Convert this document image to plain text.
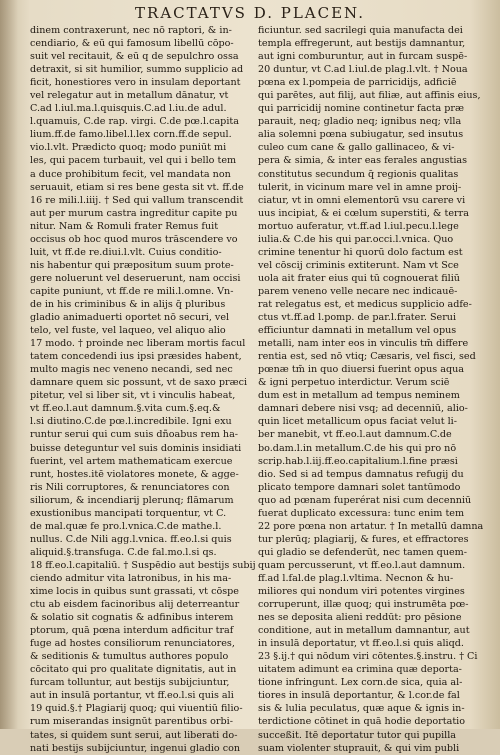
TRACTATVS D. PLACEN.
dinem contraxerunt, nec nō raptori, & in-
cendiario, & eū qui famosum libellū cōpo-
suit vel recitauit, & eū q de sepulchro ossa
detraxit, si sit humilior, summo supplicio ad
ficit, honestiores vero in insulam deportant
vel relegatur aut in metallum dānatur, vt
C.ad l.iul.ma.l.quisquis.C.ad l.iu.de adul.
l.quamuis, C.de rap. virgi. C.de pœ.l.capita
lium.ff.de famo.libel.l.lex corn.ff.de sepul.
vio.l.vlt. Prædicto quoq; modo puniūt mi
les, qui pacem turbauit, vel qui i bello tem
a duce prohibitum fecit, vel mandata non
seruauit, etiam si res bene gesta sit vt. ff.de
16 re mili.l.iiij. † Sed qui vallum transcendit
aut per murum castra ingreditur capite pu
nitur. Nam & Romuli frater Remus fuit
occisus ob hoc quod muros trāscendere vo
luit, vt ff.de re.diui.l.vlt. Cuius conditio-
nis habentur qui præpositum suum prote-
gere noluerunt vel deseruerunt, nam occisi
capite puniunt, vt ff.de re mili.l.omne. Vn-
de in his criminibus & in alijs q̄ pluribus
gladio animaduerti oportet nō securi, vel
telo, vel fuste, vel laqueo, vel aliquo alio
17 modo. † proinde nec liberam mortis facul
tatem concedendi ius ipsi præsides habent,
multo magis nec veneno necandi, sed nec
damnare quem sic possunt, vt de saxo præci
pitetur, vel si liber sit, vt i vinculis habeat,
vt ff.eo.l.aut damnum.§.vita cum.§.eq.&
l.si diutino.C.de pœ.l.incredibile. Igni exu
runtur serui qui cum suis dñoabus rem ha-
buisse deteguntur vel suis dominis insidiati
fuerint, vel artem mathematicam exercue
runt, hostes.itē violatores monete, & agge-
ris Nili corruptores, & renunciatores con
siliorum, & incendiarij plerunq; flāmarum
exustionibus mancipati torquentur, vt C.
de mal.quæ fe pro.l.vnica.C.de mathe.l.
nullus. C.de Nili agg.l.vnica. ff.eo.l.si quis
aliquid.§.transfuga. C.de fal.mo.l.si qs.
18 ff.eo.l.capitaliū. † Suspēdio aut bestijs subij
ciendo admitur vita latronibus, in his ma-
xime locis in quibus sunt grassati, vt cōspe
ctu ab eisdem facinoribus alij deterreantur
& solatio sit cognatis & adfinibus interem
ptorum, quā pœna interdum adficitur traf
fuge ad hostes consiliorum renunciatores,
& seditionis & tumultus authores populo
cōcitato qui pro qualitate dignitatis, aut in
furcam tolluntur, aut bestijs subijciuntur,
aut in insulā portantur, vt ff.eo.l.si quis ali
19 quid.§.† Plagiarij quoq; qui viuentiū filio-
rum miserandas insignūt parentibus orbi-
tates, si quidem sunt serui, aut liberati do-
nati bestijs subijciuntur, ingenui gladio con
ficiuntur. sed sacrilegi quia manufacta dei
templa effregerunt, aut bestijs damnantur,
aut igni comburuntur, aut in furcam suspē-
20 duntur, vt C.ad l.iul.de plag.l.vlt. † Noua
pœna ex l.pompeia de parricidijs, adficiē
qui parētes, aut filij, aut filiæ, aut affinis eius,
qui parricidij nomine continetur facta præ
parauit, neq; gladio neq; ignibus neq; vlla
alia solemni pœna subiugatur, sed insutus
culeo cum cane & gallo gallinaceo, & vi-
pera & simia, & inter eas ferales angustias
constitutus secundum q̄ regionis qualitas
tulerit, in vicinum mare vel in amne proij-
ciatur, vt in omni elementorū vsu carere vi
uus incipiat, & ei cœlum superstiti, & terra
mortuo auferatur, vt.ff.ad l.iul.pecu.l.lege
iulia.& C.de his qui par.occi.l.vnica. Quo
crimine tenentur hi quorū dolo factum est
vel cōscij criminis extiterunt. Nam vt Sce
uola ait frater eius qui tū cognouerat filiū
parem veneno velle necare nec indicauē-
rat relegatus est, et medicus supplicio adfe-
ctus vt.ff.ad l.pomp. de par.l.frater. Serui
efficiuntur damnati in metallum vel opus
metalli, nam inter eos in vinculis tm̄ differe
rentia est, sed nō vtiq; Cæsaris, vel fisci, sed
pœnæ tm̄ in quo diuersi fuerint opus aqua
& igni perpetuo interdictur. Verum sciē
dum est in metallum ad tempus neminem
damnari debere nisi vsq; ad decenniū, alio-
quin licet metallicum opus faciat velut li-
ber manebit, vt ff.eo.l.aut damnum.C.de
bo.dam.l.in metallum.C.de his qui pro nō
scrip.hab.l.iij.ff.eo.capitalium.l.fine præsi
dio. Sed si ad tempus damnatus refugij du
plicato tempore damnari solet tantūmodo
quo ad pœnam fuperérat nisi cum decenniū
fuerat duplicato excessura: tunc enim tem
22 pore pœna non artatur. † In metallū damna
tur plerūq; plagiarij, & fures, et effractores
qui gladio se defenderūt, nec tamen quem-
quam percusserunt, vt ff.eo.l.aut damnum.
ff.ad l.fal.de plag.l.vltima. Necnon & hu-
miliores qui nondum viri potentes virgines
corruperunt, illæ quoq; qui instrumēta pœ-
nes se deposita alieni reddūt: pro pēsione
conditione, aut in metallum damnantur, aut
in insulā deportatur, vt ff.eo.l.si quis aliqd.
23 §.ij.† qui nōdum viri cōtentes.§.instru. † Ci
uitatem adimunt ea crimina quæ deporta-
tione infringunt. Lex corn.de sica, quia al-
tiores in insulā deportantur, & l.cor.de fal
sis & lulia peculatus, quæ aque & ignis in-
terdictione cōtinet in quā hodie deportatio
succeßit. Itē deportatur tutor qui pupilla
suam violenter stuprauit, & qui vim publi
